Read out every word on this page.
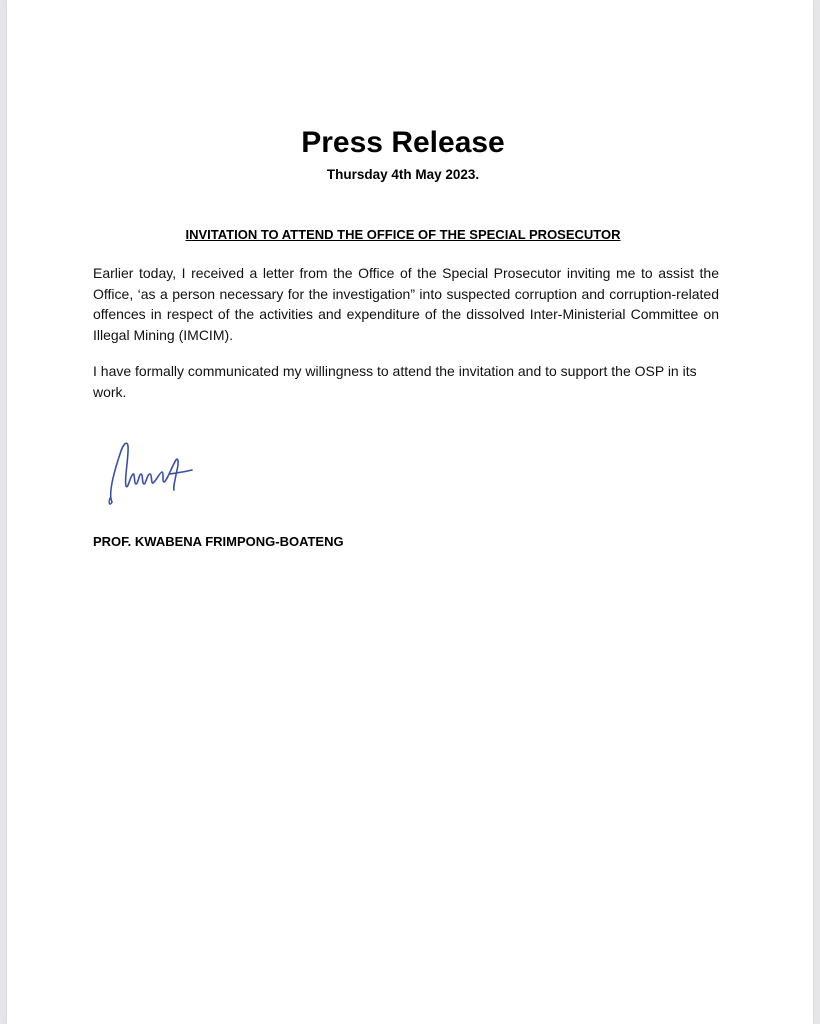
Press Release
Thursday 4th May 2023.
INVITATION TO ATTEND THE OFFICE OF THE SPECIAL PROSECUTOR

Earlier today, I received a letter from the Office of the Special Prosecutor inviting me to assist the Office, ‘as a person necessary for the investigation” into suspected corruption and corruption-related offences in respect of the activities and expenditure of the dissolved Inter-Ministerial Committee on Illegal Mining (IMCIM).

I have formally communicated my willingness to attend the invitation and to support the OSP in its work.

PROF. KWABENA FRIMPONG-BOATENG
